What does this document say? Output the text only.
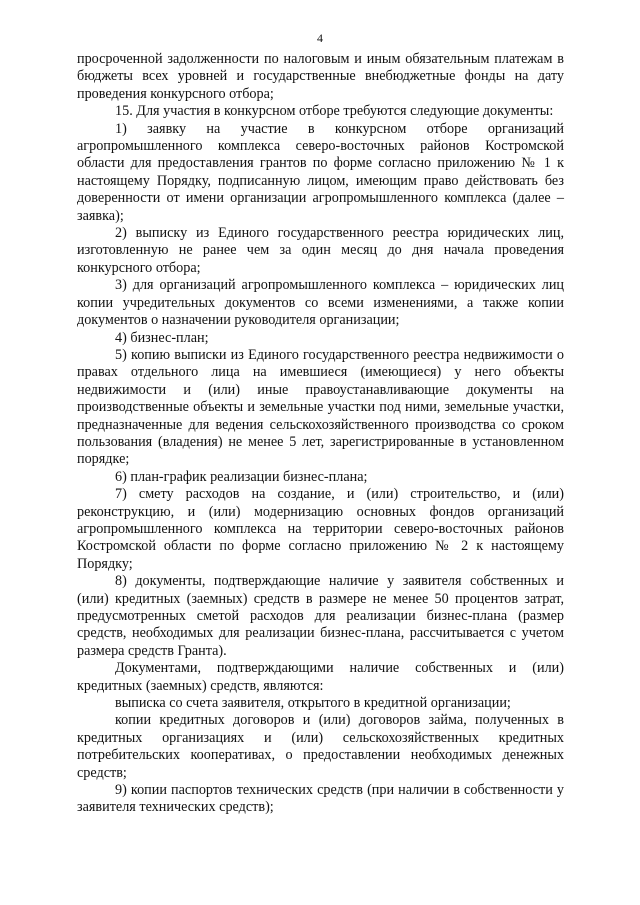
4

просроченной задолженности по налоговым и иным обязательным платежам в бюджеты всех уровней и государственные внебюджетные фонды на дату проведения конкурсного отбора;

15. Для участия в конкурсном отборе требуются следующие документы:

1) заявку на участие в конкурсном отборе организаций агропромышленного комплекса северо-восточных районов Костромской области для предоставления грантов по форме согласно приложению № 1 к настоящему Порядку, подписанную лицом, имеющим право действовать без доверенности от имени организации агропромышленного комплекса (далее – заявка);

2) выписку из Единого государственного реестра юридических лиц, изготовленную не ранее чем за один месяц до дня начала проведения конкурсного отбора;

3) для организаций агропромышленного комплекса – юридических лиц копии учредительных документов со всеми изменениями, а также копии документов о назначении руководителя организации;

4) бизнес-план;

5) копию выписки из Единого государственного реестра недвижимости о правах отдельного лица на имевшиеся (имеющиеся) у него объекты недвижимости и (или) иные правоустанавливающие документы на производственные объекты и земельные участки под ними, земельные участки, предназначенные для ведения сельскохозяйственного производства со сроком пользования (владения) не менее 5 лет, зарегистрированные в установленном порядке;

6) план-график реализации бизнес-плана;

7) смету расходов на создание, и (или) строительство, и (или) реконструкцию, и (или) модернизацию основных фондов организаций агропромышленного комплекса на территории северо-восточных районов Костромской области по форме согласно приложению № 2 к настоящему Порядку;

8) документы, подтверждающие наличие у заявителя собственных и (или) кредитных (заемных) средств в размере не менее 50 процентов затрат, предусмотренных сметой расходов для реализации бизнес-плана (размер средств, необходимых для реализации бизнес-плана, рассчитывается с учетом размера средств Гранта).

Документами, подтверждающими наличие собственных и (или) кредитных (заемных) средств, являются:

выписка со счета заявителя, открытого в кредитной организации;

копии кредитных договоров и (или) договоров займа, полученных в кредитных организациях и (или) сельскохозяйственных кредитных потребительских кооперативах, о предоставлении необходимых денежных средств;

9) копии паспортов технических средств (при наличии в собственности у заявителя технических средств);
